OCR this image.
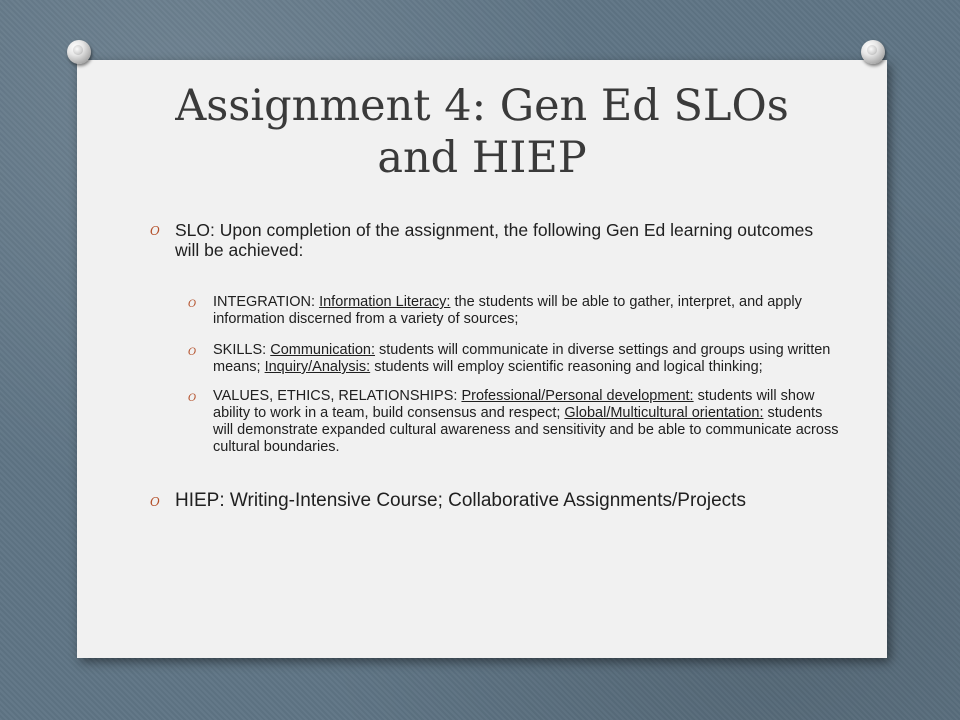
Assignment 4: Gen Ed SLOs
and HIEP
O SLO: Upon completion of the assignment, the following Gen Ed learning outcomes will be achieved:
O INTEGRATION: Information Literacy: the students will be able to gather, interpret, and apply information discerned from a variety of sources;
O SKILLS: Communication: students will communicate in diverse settings and groups using written means; Inquiry/Analysis: students will employ scientific reasoning and logical thinking;
O VALUES, ETHICS, RELATIONSHIPS: Professional/Personal development: students will show ability to work in a team, build consensus and respect; Global/Multicultural orientation: students will demonstrate expanded cultural awareness and sensitivity and be able to communicate across cultural boundaries.
O HIEP: Writing-Intensive Course; Collaborative Assignments/Projects
